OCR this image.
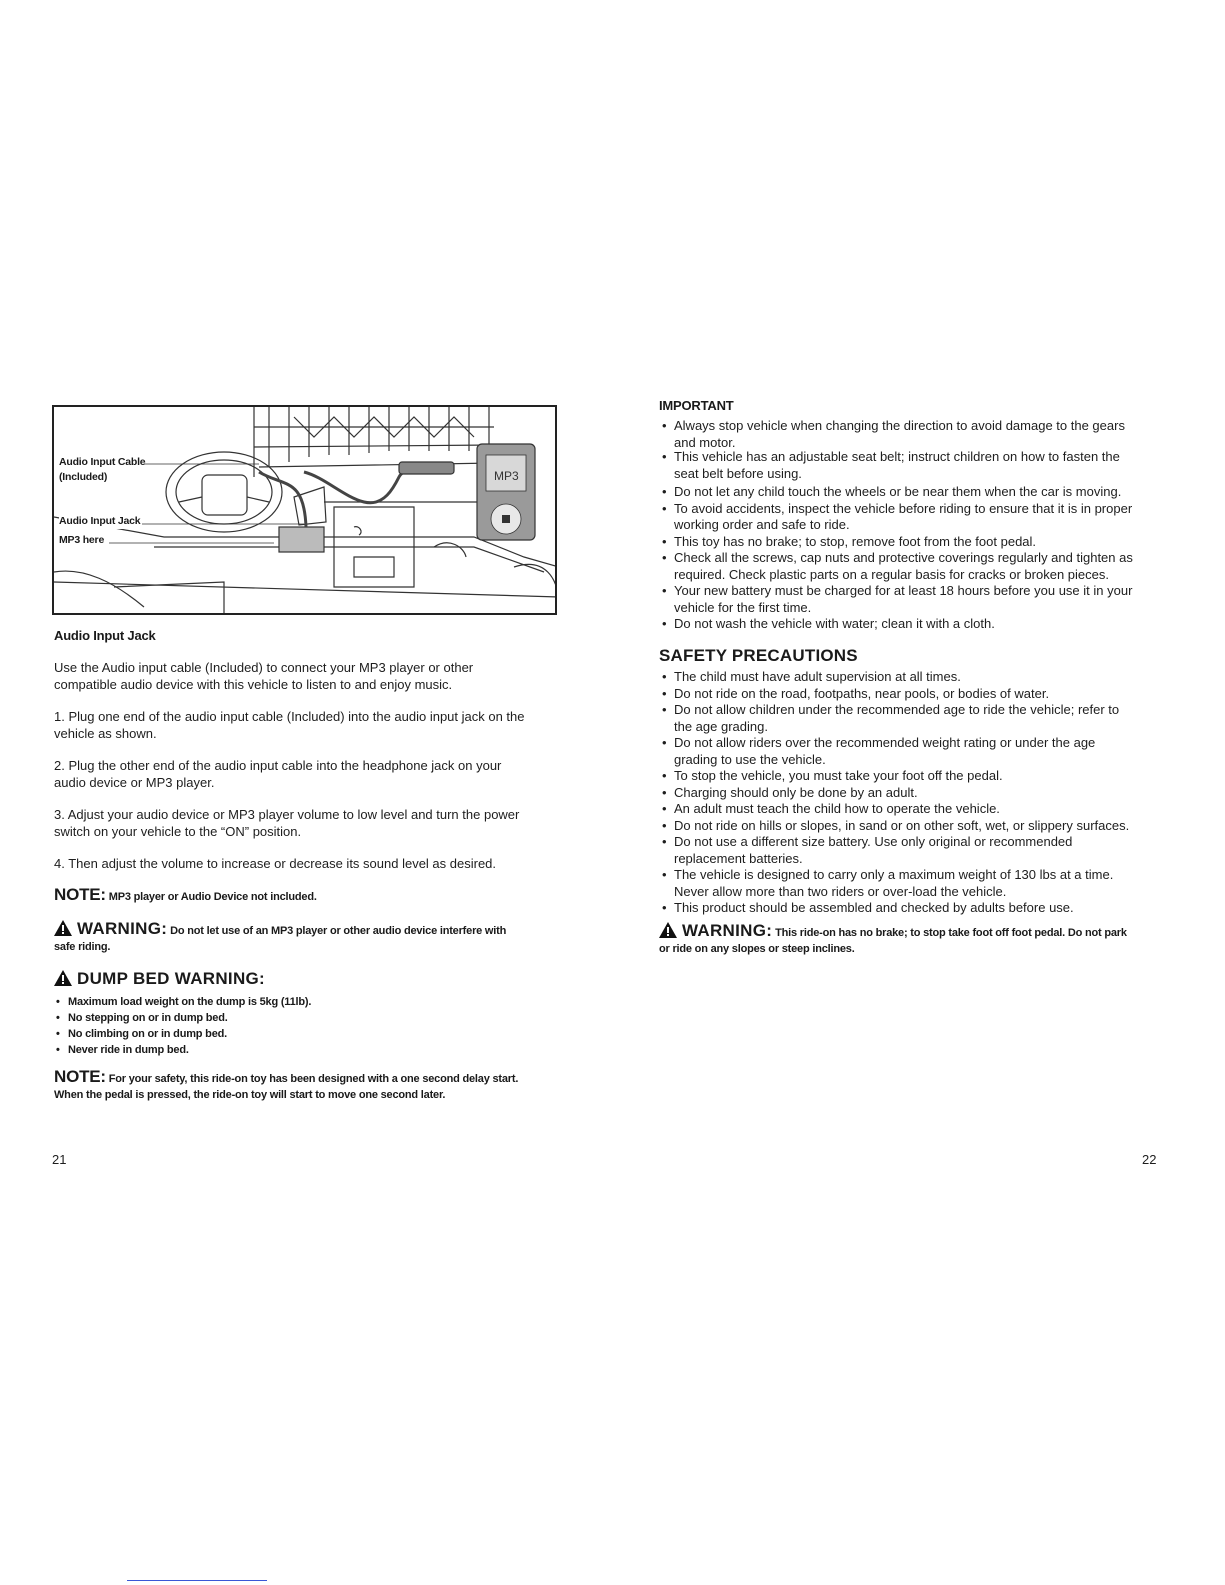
Audio Input Cable
(Included)
Audio Input Jack
MP3 here
MP3
Audio Input Jack
Use the Audio input cable (Included) to connect your MP3 player or other
compatible audio device with this vehicle to listen to and enjoy music.
1. Plug one end of the audio input cable (Included) into the audio input jack on the
vehicle as shown.
2. Plug the other end of the audio input cable into the headphone jack on your
audio device or MP3 player.
3. Adjust your audio device or MP3 player volume to low level and turn the power
switch on your vehicle to the “ON” position.
4. Then adjust the volume to increase or decrease its sound level as desired.
NOTE: MP3 player or Audio Device not included.
WARNING: Do not let use of an MP3 player or other audio device interfere with
safe riding.
DUMP BED WARNING:
• Maximum load weight on the dump is 5kg (11lb).
• No stepping on or in dump bed.
• No climbing on or in dump bed.
• Never ride in dump bed.
NOTE: For your safety, this ride-on toy has been designed with a one second delay start.
When the pedal is pressed, the ride-on toy will start to move one second later.
21
IMPORTANT
• Always stop vehicle when changing the direction to avoid damage to the gears
and motor.
• This vehicle has an adjustable seat belt; instruct children on how to fasten the
seat belt before using.
• Do not let any child touch the wheels or be near them when the car is moving.
• To avoid accidents, inspect the vehicle before riding to ensure that it is in proper
working order and safe to ride.
• This toy has no brake; to stop, remove foot from the foot pedal.
• Check all the screws, cap nuts and protective coverings regularly and tighten as
required. Check plastic parts on a regular basis for cracks or broken pieces.
• Your new battery must be charged for at least 18 hours before you use it in your
vehicle for the first time.
• Do not wash the vehicle with water; clean it with a cloth.
SAFETY PRECAUTIONS
• The child must have adult supervision at all times.
• Do not ride on the road, footpaths, near pools, or bodies of water.
• Do not allow children under the recommended age to ride the vehicle; refer to
the age grading.
• Do not allow riders over the recommended weight rating or under the age
grading to use the vehicle.
• To stop the vehicle, you must take your foot off the pedal.
• Charging should only be done by an adult.
• An adult must teach the child how to operate the vehicle.
• Do not ride on hills or slopes, in sand or on other soft, wet, or slippery surfaces.
• Do not use a different size battery. Use only original or recommended
replacement batteries.
• The vehicle is designed to carry only a maximum weight of 130 lbs at a time.
Never allow more than two riders or over-load the vehicle.
• This product should be assembled and checked by adults before use.
WARNING: This ride-on has no brake; to stop take foot off foot pedal. Do not park
or ride on any slopes or steep inclines.
22
